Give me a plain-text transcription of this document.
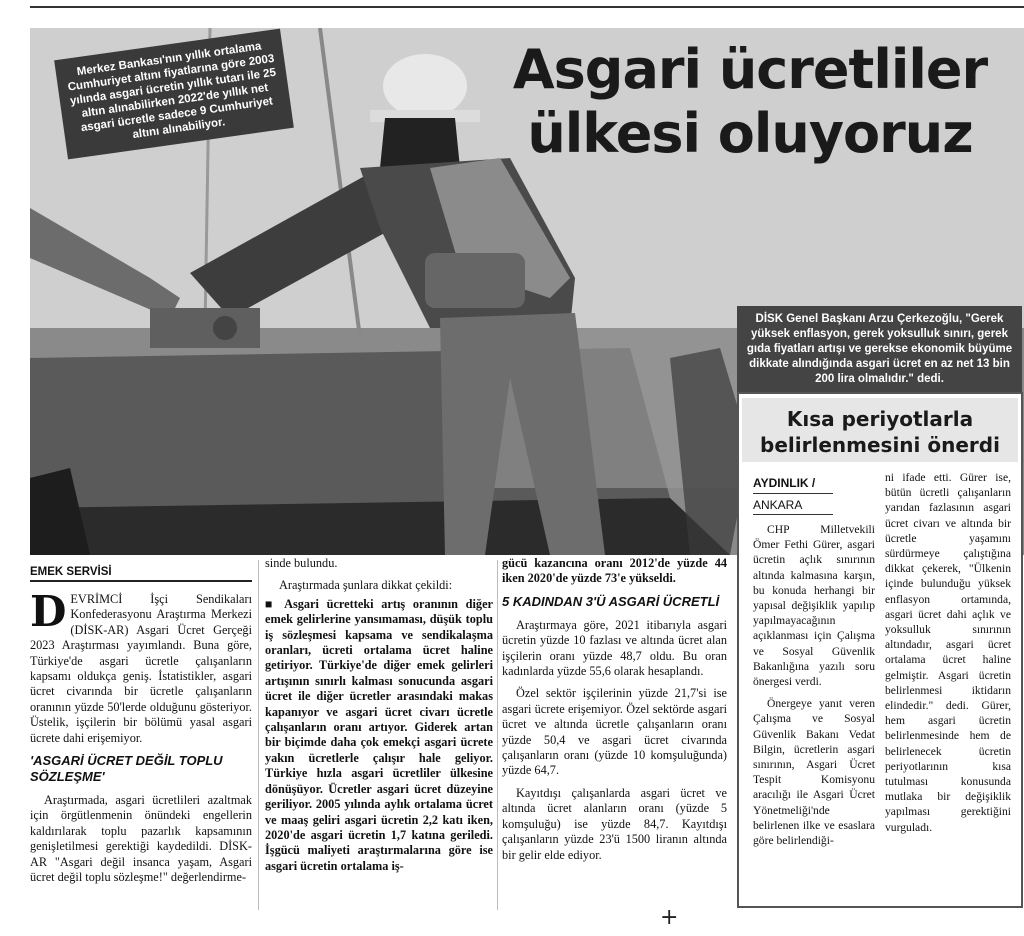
Asgari ücretliler
ülkesi oluyoruz
Merkez Bankası'nın yıllık ortalama Cumhuriyet altını fiyatlarına göre 2003 yılında asgari ücretin yıllık tutarı ile 25 altın alınabilirken 2022'de yıllık net asgari ücretle sadece 9 Cumhuriyet altını alınabiliyor.
DİSK Genel Başkanı Arzu Çerkezoğlu, "Gerek yüksek enflasyon, gerek yoksulluk sınırı, gerek gıda fiyatları artışı ve gerekse ekonomik büyüme dikkate alındığında asgari ücret en az net 13 bin 200 lira olmalıdır." dedi.
EMEK SERVİSİ

DEVRİMCİ İşçi Sendikaları Konfederasyonu Araştırma Merkezi (DİSK-AR) Asgari Ücret Gerçeği 2023 Araştırması yayımlandı. Buna göre, Türkiye'de asgari ücretle çalışanların kapsamı oldukça geniş. İstatistikler, asgari ücret civarında bir ücretle çalışanların oranının yüzde 50'lerde olduğunu gösteriyor. Üstelik, işçilerin bir bölümü yasal asgari ücrete dahi erişemiyor.

'ASGARİ ÜCRET DEĞİL TOPLU SÖZLEŞME'

Araştırmada, asgari ücretlileri azaltmak için örgütlenmenin önündeki engellerin kaldırılarak toplu pazarlık kapsamının genişletilmesi gerektiği kaydedildi. DİSK-AR "Asgari değil insanca yaşam, Asgari ücret değil toplu sözleşme!" değerlendirme-

sinde bulundu.

Araştırmada şunlara dikkat çekildi:

■ Asgari ücretteki artış oranının diğer emek gelirlerine yansımaması, düşük toplu iş sözleşmesi kapsama ve sendikalaşma oranları, ücreti ortalama ücret haline getiriyor. Türkiye'de diğer emek gelirleri artışının sınırlı kalması sonucunda asgari ücret ile diğer ücretler arasındaki makas kapanıyor ve asgari ücret civarı ücretle çalışanların oranı artıyor. Giderek artan bir biçimde daha çok emekçi asgari ücrete yakın ücretlerle çalışır hale geliyor. Türkiye hızla asgari ücretliler ülkesine dönüşüyor. Ücretler asgari ücret düzeyine geriliyor. 2005 yılında aylık ortalama ücret ve maaş geliri asgari ücretin 2,2 katı iken, 2020'de asgari ücretin 1,7 katına geriledi. İşgücü maliyeti araştırmalarına göre ise asgari ücretin ortalama iş-

gücü kazancına oranı 2012'de yüzde 44 iken 2020'de yüzde 73'e yükseldi.

5 KADINDAN 3'Ü ASGARİ ÜCRETLİ

Araştırmaya göre, 2021 itibarıyla asgari ücretin yüzde 10 fazlası ve altında ücret alan işçilerin oranı yüzde 48,7 oldu. Bu oran kadınlarda yüzde 55,6 olarak hesaplandı.

Özel sektör işçilerinin yüzde 21,7'si ise asgari ücrete erişemiyor. Özel sektörde asgari ücret ve altında ücretle çalışanların oranı yüzde 50,4 ve asgari ücret civarında çalışanların oranı (yüzde 10 komşuluğunda) yüzde 64,7.

Kayıtdışı çalışanlarda asgari ücret ve altında ücret alanların oranı (yüzde 5 komşuluğu) ise yüzde 84,7. Kayıtdışı çalışanların yüzde 23'ü 1500 liranın altında bir gelir elde ediyor.

Kısa periyotlarla
belirlenmesini önerdi
AYDINLIK /
ANKARA

CHP Milletvekili Ömer Fethi Gürer, asgari ücretin açlık sınırının altında kalmasına karşın, bu konuda herhangi bir yapısal değişiklik yapılıp yapılmayacağının açıklanması için Çalışma ve Sosyal Güvenlik Bakanlığına yazılı soru önergesi verdi.

Önergeye yanıt veren Çalışma ve Sosyal Güvenlik Bakanı Vedat Bilgin, ücretlerin asgari sınırının, Asgari Ücret Tespit Komisyonu aracılığı ile Asgari Ücret Yönetmeliği'nde belirlenen ilke ve esaslara göre belirlendiği-

ni ifade etti. Gürer ise, bütün ücretli çalışanların yarıdan fazlasının asgari ücret civarı ve altında bir ücretle yaşamını sürdürmeye çalıştığına dikkat çekerek, "Ülkenin içinde bulunduğu yüksek enflasyon ortamında, asgari ücret dahi açlık ve yoksulluk sınırının altındadır, asgari ücret ortalama ücret haline gelmiştir. Asgari ücretin belirlenmesi iktidarın elindedir." dedi. Gürer, hem asgari ücretin belirlenmesinde hem de belirlenecek ücretin periyotlarının kısa tutulması konusunda mutlaka bir değişiklik yapılması gerektiğini vurguladı.

+
